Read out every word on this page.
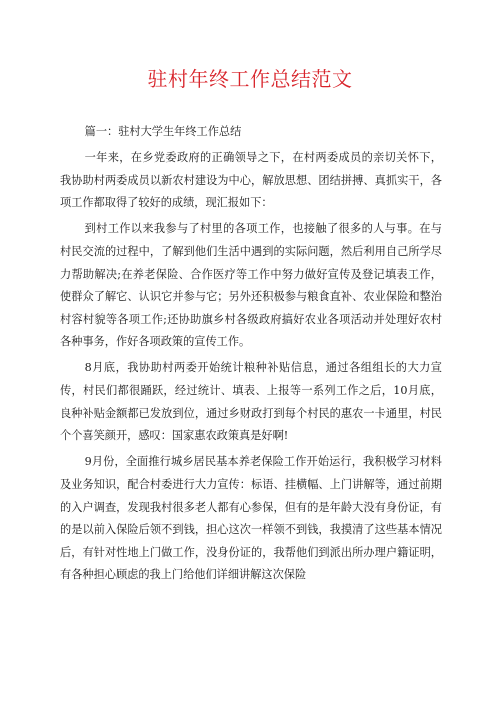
驻村年终工作总结范文

篇一：驻村大学生年终工作总结

一年来，在乡党委政府的正确领导之下，在村两委成员的亲切关怀下，我协助村两委成员以新农村建设为中心，解放思想、团结拼搏、真抓实干，各项工作都取得了较好的成绩，现汇报如下：

到村工作以来我参与了村里的各项工作，也接触了很多的人与事。在与村民交流的过程中，了解到他们生活中遇到的实际问题，然后利用自己所学尽力帮助解决;在养老保险、合作医疗等工作中努力做好宣传及登记填表工作，使群众了解它、认识它并参与它；另外还积极参与粮食直补、农业保险和整治村容村貌等各项工作;还协助旗乡村各级政府搞好农业各项活动并处理好农村各种事务，作好各项政策的宣传工作。

8月底，我协助村两委开始统计粮种补贴信息，通过各组组长的大力宣传，村民们都很踊跃，经过统计、填表、上报等一系列工作之后，10月底，良种补贴金额都已发放到位，通过乡财政打到每个村民的惠农一卡通里，村民个个喜笑颜开，感叹：国家惠农政策真是好啊!

9月份，全面推行城乡居民基本养老保险工作开始运行，我积极学习材料及业务知识，配合村委进行大力宣传：标语、挂横幅、上门讲解等，通过前期的入户调查，发现我村很多老人都有心参保，但有的是年龄大没有身份证，有的是以前入保险后领不到钱，担心这次一样领不到钱，我摸清了这些基本情况后，有针对性地上门做工作，没身份证的，我帮他们到派出所办理户籍证明，有各种担心顾虑的我上门给他们详细讲解这次保险
